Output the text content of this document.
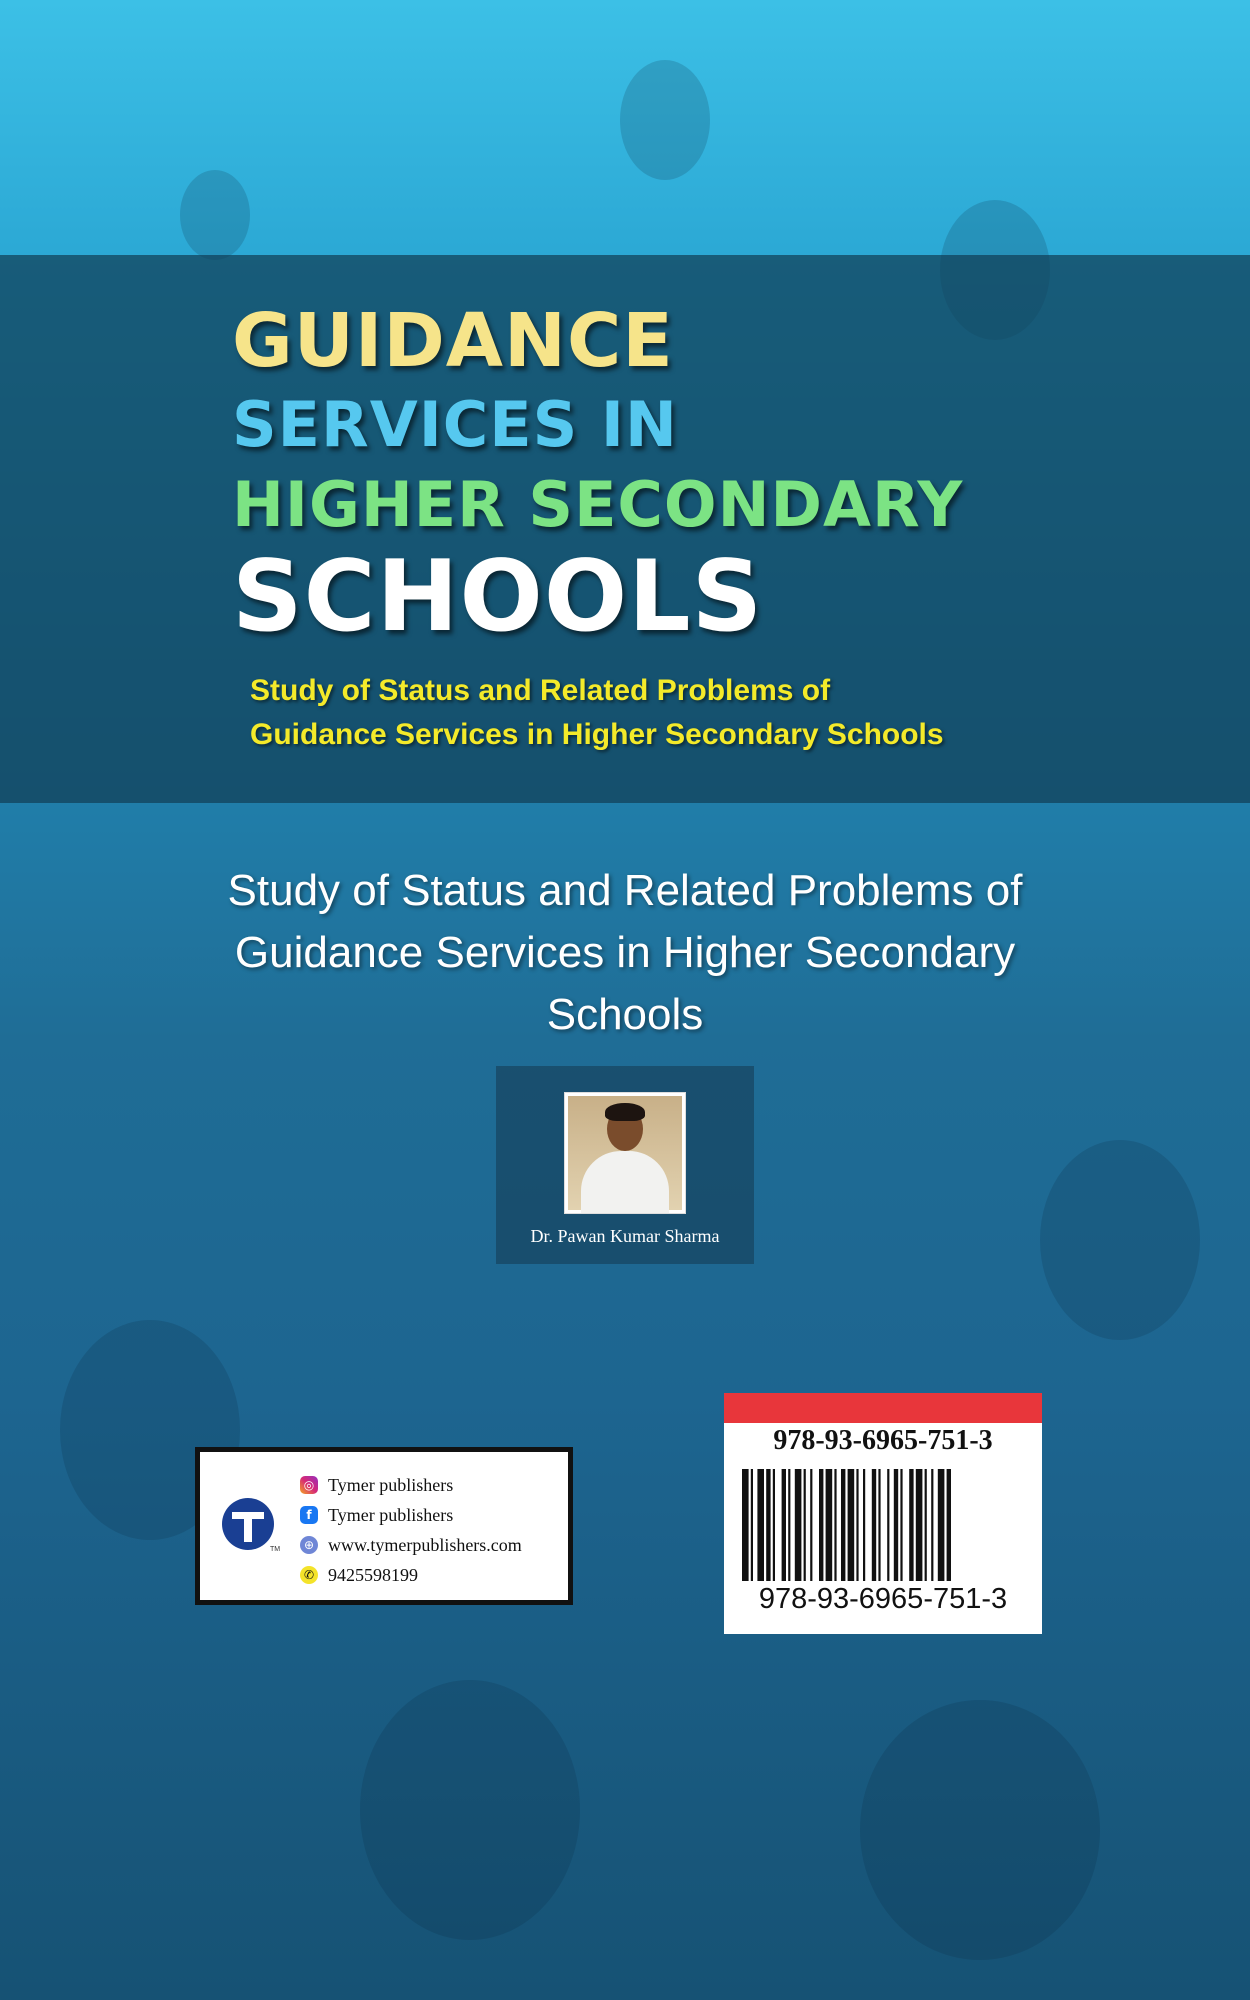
GUIDANCE
SERVICES IN
HIGHER SECONDARY
SCHOOLS
Study of Status and Related Problems of
Guidance Services in Higher Secondary Schools
Study of Status and Related Problems of
Guidance Services in Higher Secondary
Schools
Dr. Pawan Kumar Sharma
TM
◎ Tymer publishers
f Tymer publishers
⊕ www.tymerpublishers.com
✆ 9425598199
978-93-6965-751-3
978-93-6965-751-3
